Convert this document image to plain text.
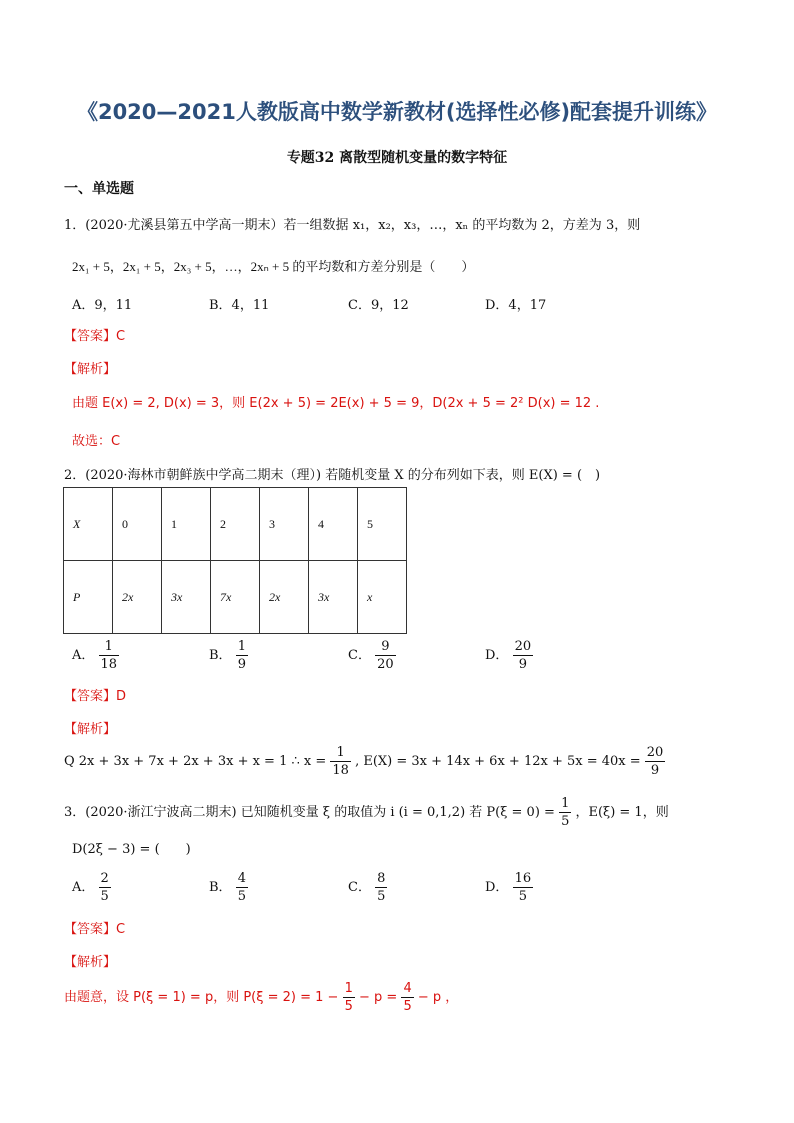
《2020—2021人教版高中数学新教材(选择性必修)配套提升训练》
专题32 离散型随机变量的数字特征
一、单选题
1．(2020·尤溪县第五中学高一期末）若一组数据 x₁，x₂，x₃，…，xₙ 的平均数为 2，方差为 3，则
2x₁ + 5，2x₁ + 5，2x₃ + 5，…，2xₙ + 5 的平均数和方差分别是（　　）
A．9，11	B．4，11	C．9，12	D．4，17
【答案】C
【解析】
由题 E(x) = 2, D(x) = 3，则 E(2x + 5) = 2E(x) + 5 = 9，D(2x + 5 = 2² D(x) = 12 .
故选：C
2．(2020·海林市朝鲜族中学高二期末（理）) 若随机变量 X 的分布列如下表，则 E(X) = (　)
X	0	1	2	3	4	5
P	2x	3x	7x	2x	3x	x
A． $\frac{1}{18}$	B． $\frac{1}{9}$	C． $\frac{9}{20}$	D． $\frac{20}{9}$
【答案】D
【解析】
Q 2x + 3x + 7x + 2x + 3x + x = 1 ∴ $x = \frac{1}{18}$ , $E(X) = 3x + 14x + 6x + 12x + 5x = 40x = \frac{20}{9}$
3．(2020·浙江宁波高二期末) 已知随机变量 ξ 的取值为 i (i = 0,1,2) 若 $P(\xi = 0) = \frac{1}{5}$ ，E(ξ) = 1，则
D(2ξ − 3) = (　　)
A． $\frac{2}{5}$	B． $\frac{4}{5}$	C． $\frac{8}{5}$	D． $\frac{16}{5}$
【答案】C
【解析】
由题意，设 P(ξ = 1) = p，则 $P(\xi = 2) = 1 - \frac{1}{5} - p = \frac{4}{5} - p$ ，
